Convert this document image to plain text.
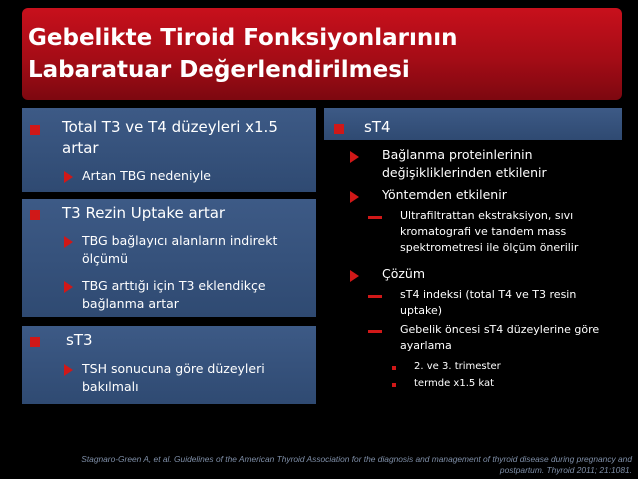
Gebelikte Tiroid Fonksiyonlarının
Labaratuar Değerlendirilmesi
Total T3 ve T4 düzeyleri x1.5
artar
Artan TBG nedeniyle
T3 Rezin Uptake artar
TBG bağlayıcı alanların indirekt
ölçümü
TBG arttığı için T3 eklendikçe
bağlanma artar
sT3
TSH sonucuna göre düzeyleri
bakılmalı
sT4
Bağlanma proteinlerinin
değişikliklerinden etkilenir
Yöntemden etkilenir
Ultrafiltrattan ekstraksiyon, sıvı
kromatografi ve tandem mass
spektrometresi ile ölçüm önerilir
Çözüm
sT4 indeksi (total T4 ve T3 resin
uptake)
Gebelik öncesi sT4 düzeylerine göre
ayarlama
2. ve 3. trimester
termde x1.5 kat
Stagnaro-Green A, et al. Guidelines of the American Thyroid Association for the diagnosis and management of thyroid disease during pregnancy and
postpartum. Thyroid 2011; 21:1081.
